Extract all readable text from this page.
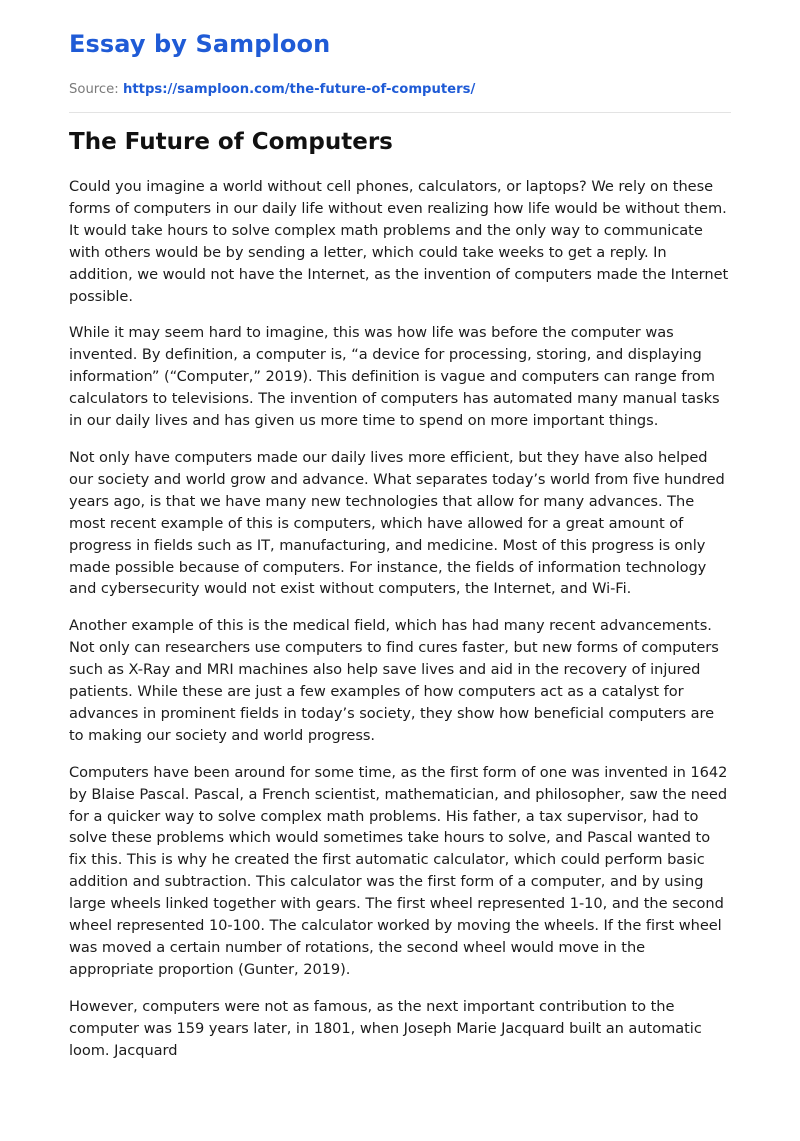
Essay by Samploon
Source: https://samploon.com/the-future-of-computers/
The Future of Computers

Could you imagine a world without cell phones, calculators, or laptops? We rely on these forms of computers in our daily life without even realizing how life would be without them. It would take hours to solve complex math problems and the only way to communicate with others would be by sending a letter, which could take weeks to get a reply. In addition, we would not have the Internet, as the invention of computers made the Internet possible.

While it may seem hard to imagine, this was how life was before the computer was invented. By definition, a computer is, “a device for processing, storing, and displaying information” (“Computer,” 2019). This definition is vague and computers can range from calculators to televisions. The invention of computers has automated many manual tasks in our daily lives and has given us more time to spend on more important things.

Not only have computers made our daily lives more efficient, but they have also helped our society and world grow and advance. What separates today’s world from five hundred years ago, is that we have many new technologies that allow for many advances. The most recent example of this is computers, which have allowed for a great amount of progress in fields such as IT, manufacturing, and medicine. Most of this progress is only made possible because of computers. For instance, the fields of information technology and cybersecurity would not exist without computers, the Internet, and Wi-Fi.

Another example of this is the medical field, which has had many recent advancements. Not only can researchers use computers to find cures faster, but new forms of computers such as X-Ray and MRI machines also help save lives and aid in the recovery of injured patients. While these are just a few examples of how computers act as a catalyst for advances in prominent fields in today’s society, they show how beneficial computers are to making our society and world progress.

Computers have been around for some time, as the first form of one was invented in 1642 by Blaise Pascal. Pascal, a French scientist, mathematician, and philosopher, saw the need for a quicker way to solve complex math problems. His father, a tax supervisor, had to solve these problems which would sometimes take hours to solve, and Pascal wanted to fix this. This is why he created the first automatic calculator, which could perform basic addition and subtraction. This calculator was the first form of a computer, and by using large wheels linked together with gears. The first wheel represented 1-10, and the second wheel represented 10-100. The calculator worked by moving the wheels. If the first wheel was moved a certain number of rotations, the second wheel would move in the appropriate proportion (Gunter, 2019).

However, computers were not as famous, as the next important contribution to the computer was 159 years later, in 1801, when Joseph Marie Jacquard built an automatic loom. Jacquard
